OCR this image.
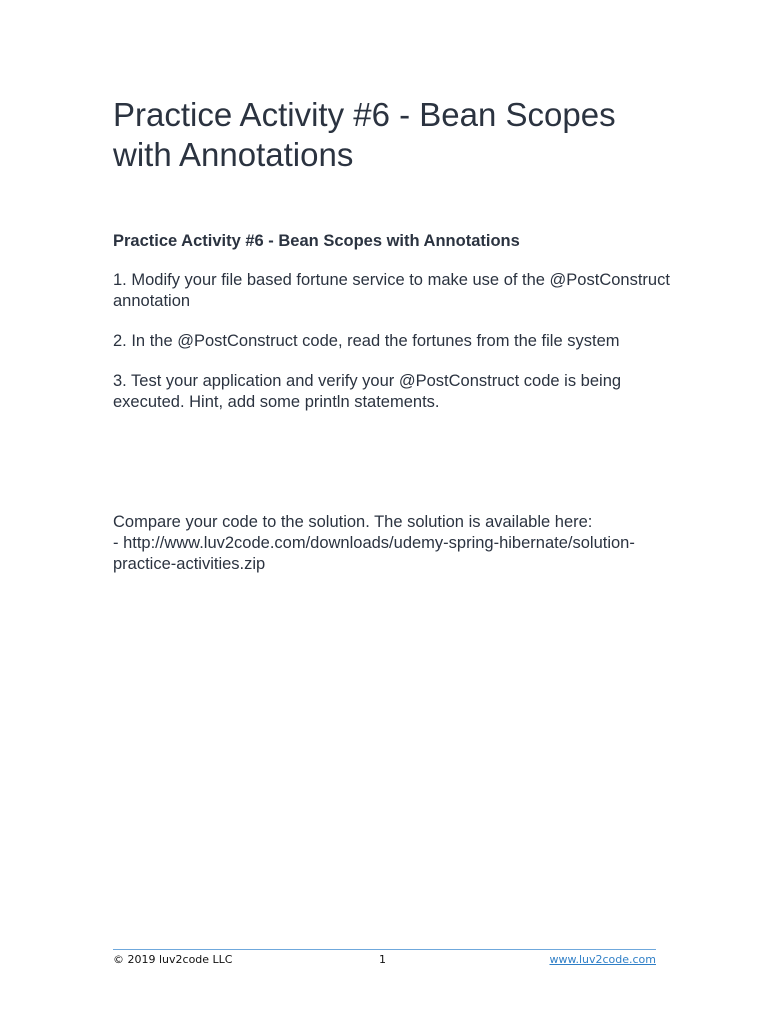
Practice Activity #6 - Bean Scopes with Annotations

Practice Activity #6 - Bean Scopes with Annotations

1. Modify your file based fortune service to make use of the @PostConstruct annotation

2. In the @PostConstruct code, read the fortunes from the file system

3. Test your application and verify your @PostConstruct code is being executed. Hint, add some println statements.

Compare your code to the solution. The solution is available here:

- http://www.luv2code.com/downloads/udemy-spring-hibernate/solution-practice-activities.zip

© 2019 luv2code LLC	1	www.luv2code.com
